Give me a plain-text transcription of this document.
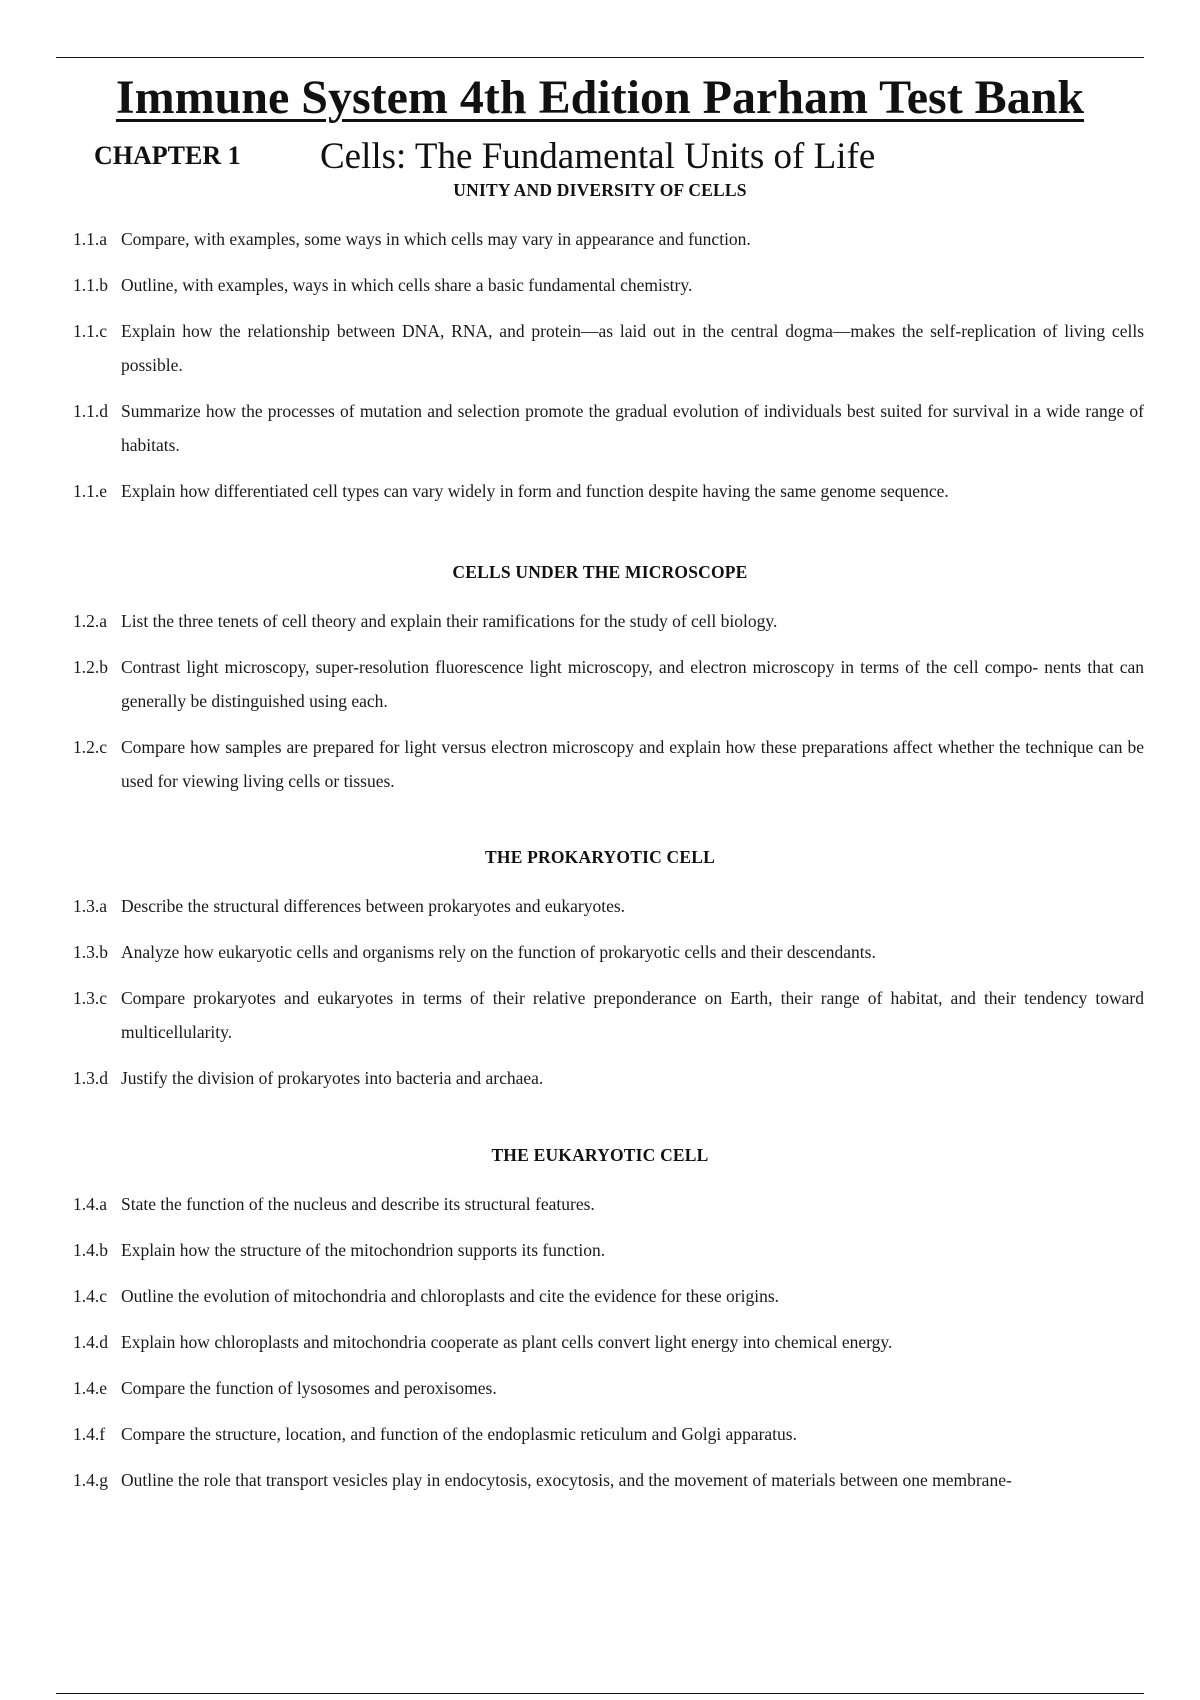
Immune System 4th Edition Parham Test Bank
CHAPTER 1 Cells: The Fundamental Units of Life
UNITY AND DIVERSITY OF CELLS
1.1.a Compare, with examples, some ways in which cells may vary in appearance and function.
1.1.b Outline, with examples, ways in which cells share a basic fundamental chemistry.
1.1.c Explain how the relationship between DNA, RNA, and protein—as laid out in the central dogma—makes the self-replication of living cells possible.
1.1.d Summarize how the processes of mutation and selection promote the gradual evolution of individuals best suited for survival in a wide range of habitats.
1.1.e Explain how differentiated cell types can vary widely in form and function despite having the same genome sequence.
CELLS UNDER THE MICROSCOPE
1.2.a List the three tenets of cell theory and explain their ramifications for the study of cell biology.
1.2.b Contrast light microscopy, super-resolution fluorescence light microscopy, and electron microscopy in terms of the cell compo- nents that can generally be distinguished using each.
1.2.c Compare how samples are prepared for light versus electron microscopy and explain how these preparations affect whether the technique can be used for viewing living cells or tissues.
THE PROKARYOTIC CELL
1.3.a Describe the structural differences between prokaryotes and eukaryotes.
1.3.b Analyze how eukaryotic cells and organisms rely on the function of prokaryotic cells and their descendants.
1.3.c Compare prokaryotes and eukaryotes in terms of their relative preponderance on Earth, their range of habitat, and their tendency toward multicellularity.
1.3.d Justify the division of prokaryotes into bacteria and archaea.
THE EUKARYOTIC CELL
1.4.a State the function of the nucleus and describe its structural features.
1.4.b Explain how the structure of the mitochondrion supports its function.
1.4.c Outline the evolution of mitochondria and chloroplasts and cite the evidence for these origins.
1.4.d Explain how chloroplasts and mitochondria cooperate as plant cells convert light energy into chemical energy.
1.4.e Compare the function of lysosomes and peroxisomes.
1.4.f Compare the structure, location, and function of the endoplasmic reticulum and Golgi apparatus.
1.4.g Outline the role that transport vesicles play in endocytosis, exocytosis, and the movement of materials between one membrane-
